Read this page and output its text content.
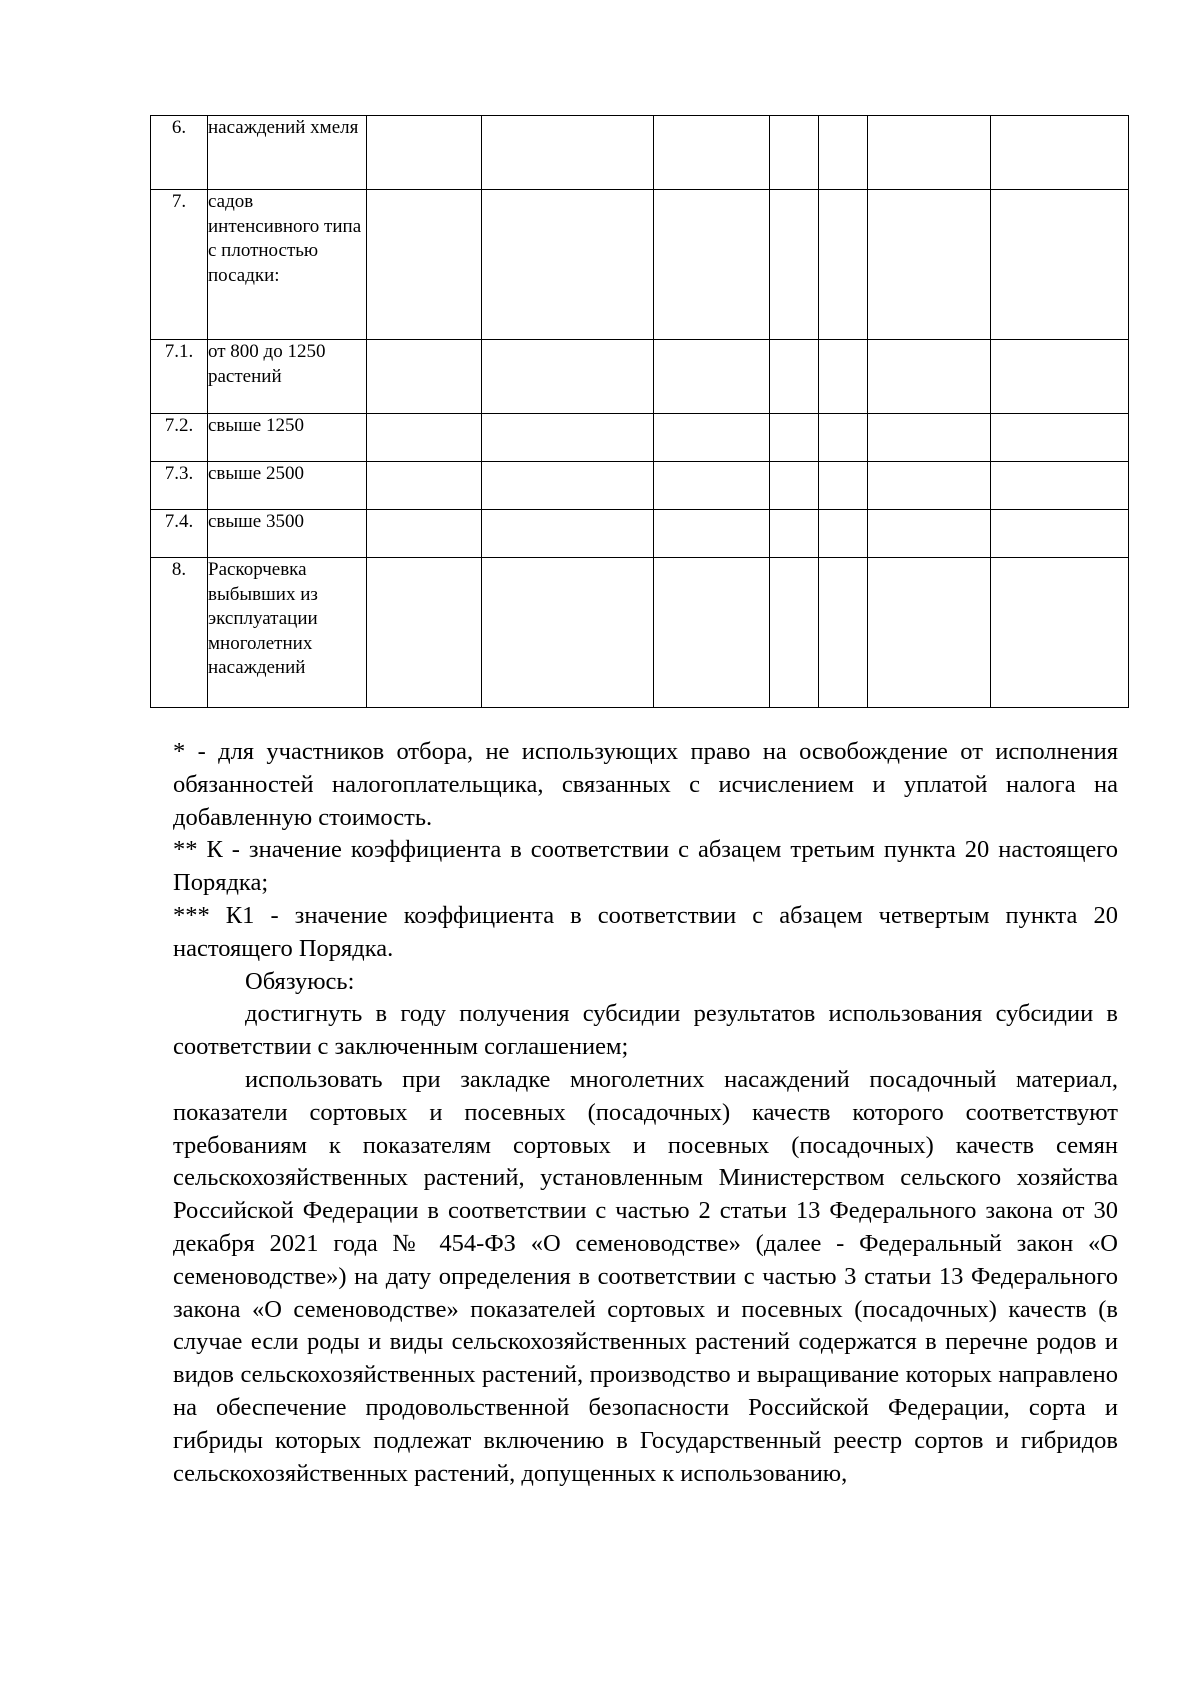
6.	насаждений хмеля							
7.	садов интенсивного типа с плотностью посадки:							
7.1.	от 800 до 1250 растений							
7.2.	свыше 1250							
7.3.	свыше 2500							
7.4.	свыше 3500							
8.	Раскорчевка выбывших из эксплуатации многолетних насаждений							

* - для участников отбора, не использующих право на освобождение от исполнения обязанностей налогоплательщика, связанных с исчислением и уплатой налога на добавленную стоимость.

** К - значение коэффициента в соответствии с абзацем третьим пункта 20 настоящего Порядка;

*** К1 - значение коэффициента в соответствии с абзацем четвертым пункта 20 настоящего Порядка.

Обязуюсь:

достигнуть в году получения субсидии результатов использования субсидии в соответствии с заключенным соглашением;

использовать при закладке многолетних насаждений посадочный материал, показатели сортовых и посевных (посадочных) качеств которого соответствуют требованиям к показателям сортовых и посевных (посадочных) качеств семян сельскохозяйственных растений, установленным Министерством сельского хозяйства Российской Федерации в соответствии с частью 2 статьи 13 Федерального закона от 30 декабря 2021 года № 454-ФЗ «О семеноводстве» (далее - Федеральный закон «О семеноводстве») на дату определения в соответствии с частью 3 статьи 13 Федерального закона «О семеноводстве» показателей сортовых и посевных (посадочных) качеств (в случае если роды и виды сельскохозяйственных растений содержатся в перечне родов и видов сельскохозяйственных растений, производство и выращивание которых направлено на обеспечение продовольственной безопасности Российской Федерации, сорта и гибриды которых подлежат включению в Государственный реестр сортов и гибридов сельскохозяйственных растений, допущенных к использованию,
